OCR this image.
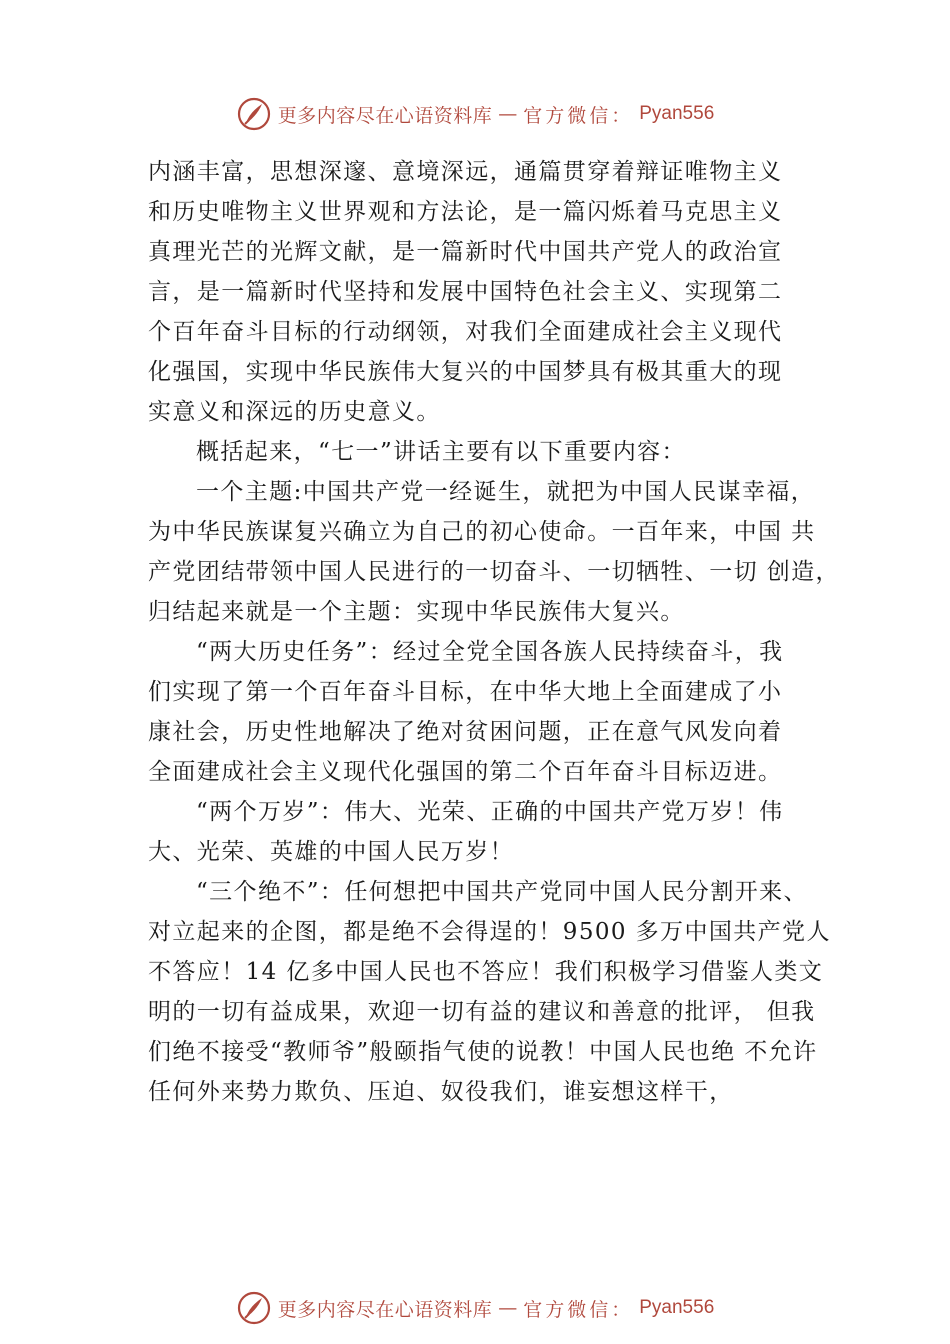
更多内容尽在心语资料库 — 官方微信： Pyan556
内涵丰富，思想深邃、意境深远，通篇贯穿着辩证唯物主义
和历史唯物主义世界观和方法论，是一篇闪烁着马克思主义
真理光芒的光辉文献，是一篇新时代中国共产党人的政治宣
言，是一篇新时代坚持和发展中国特色社会主义、实现第二
个百年奋斗目标的行动纲领，对我们全面建成社会主义现代
化强国，实现中华民族伟大复兴的中国梦具有极其重大的现
实意义和深远的历史意义。
概括起来，“七一”讲话主要有以下重要内容：
一个主题:中国共产党一经诞生，就把为中国人民谋幸福，
为中华民族谋复兴确立为自己的初心使命。一百年来，中国 共
产党团结带领中国人民进行的一切奋斗、一切牺牲、一切 创造，
归结起来就是一个主题：实现中华民族伟大复兴。
“两大历史任务”：经过全党全国各族人民持续奋斗，我
们实现了第一个百年奋斗目标，在中华大地上全面建成了小
康社会，历史性地解决了绝对贫困问题，正在意气风发向着
全面建成社会主义现代化强国的第二个百年奋斗目标迈进。
“两个万岁”：伟大、光荣、正确的中国共产党万岁！伟
大、光荣、英雄的中国人民万岁！
“三个绝不”：任何想把中国共产党同中国人民分割开来、
对立起来的企图，都是绝不会得逞的！9500 多万中国共产党人
不答应！14 亿多中国人民也不答应！我们积极学习借鉴人类文
明的一切有益成果，欢迎一切有益的建议和善意的批评， 但我
们绝不接受“教师爷”般颐指气使的说教！中国人民也绝 不允许
任何外来势力欺负、压迫、奴役我们，谁妄想这样干，
更多内容尽在心语资料库 — 官方微信： Pyan556
